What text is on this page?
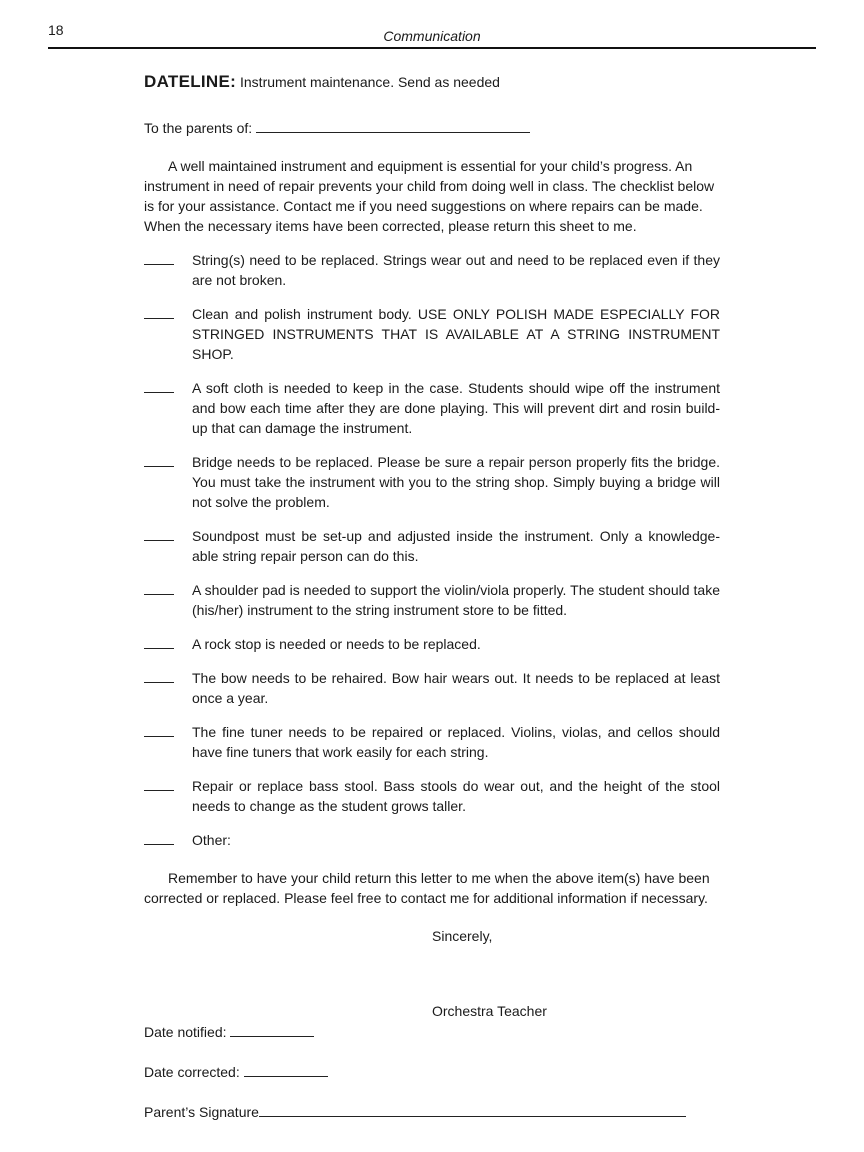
18	Communication

DATELINE: Instrument maintenance. Send as needed

To the parents of:
A well maintained instrument and equipment is essential for your child’s progress. An instrument in need of repair prevents your child from doing well in class. The checklist below is for your assistance. Contact me if you need suggestions on where repairs can be made. When the necessary items have been corrected, please return this sheet to me.
String(s) need to be replaced. Strings wear out and need to be replaced even if they are not broken.
Clean and polish instrument body. USE ONLY POLISH MADE ESPECIALLY FOR STRINGED INSTRUMENTS THAT IS AVAILABLE AT A STRING INSTRUMENT SHOP.
A soft cloth is needed to keep in the case. Students should wipe off the instrument and bow each time after they are done playing. This will prevent dirt and rosin build-up that can damage the instrument.
Bridge needs to be replaced. Please be sure a repair person properly fits the bridge. You must take the instrument with you to the string shop. Simply buying a bridge will not solve the problem.
Soundpost must be set-up and adjusted inside the instrument. Only a knowledge-able string repair person can do this.
A shoulder pad is needed to support the violin/viola properly. The student should take (his/her) instrument to the string instrument store to be fitted.
A rock stop is needed or needs to be replaced.
The bow needs to be rehaired. Bow hair wears out. It needs to be replaced at least once a year.
The fine tuner needs to be repaired or replaced. Violins, violas, and cellos should have fine tuners that work easily for each string.
Repair or replace bass stool. Bass stools do wear out, and the height of the stool needs to change as the student grows taller.
Other:
Remember to have your child return this letter to me when the above item(s) have been corrected or replaced. Please feel free to contact me for additional information if necessary.
Sincerely,
Orchestra Teacher
Date notified:
Date corrected:
Parent’s Signature
